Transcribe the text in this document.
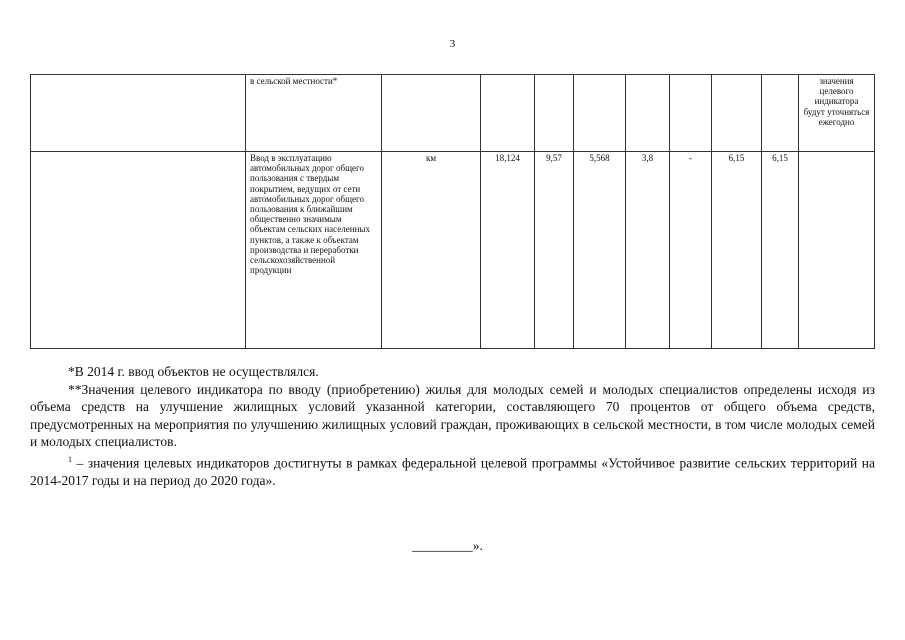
3
	в сельской местности*									значения целевого индикатора будут уточняться ежегодно
	Ввод в эксплуатацию автомобильных дорог общего пользования с твердым покрытием, ведущих от сети автомобильных дорог общего пользования к ближайшим общественно значимым объектам сельских населенных пунктов, а также к объектам производства и переработки сельскохозяйственной продукции	км	18,124	9,57	5,568	3,8	-	6,15	6,15	

*В 2014 г. ввод объектов не осуществлялся.

**Значения целевого индикатора по вводу (приобретению) жилья для молодых семей и молодых специалистов определены исходя из объема средств на улучшение жилищных условий указанной категории, составляющего 70 процентов от общего объема средств, предусмотренных на мероприятия по улучшению жилищных условий граждан, проживающих в сельской местности, в том числе молодых семей и молодых специалистов.

$^1$ – значения целевых индикаторов достигнуты в рамках федеральной целевой программы «Устойчивое развитие сельских территорий на 2014-2017 годы и на период до 2020 года».

_________».
